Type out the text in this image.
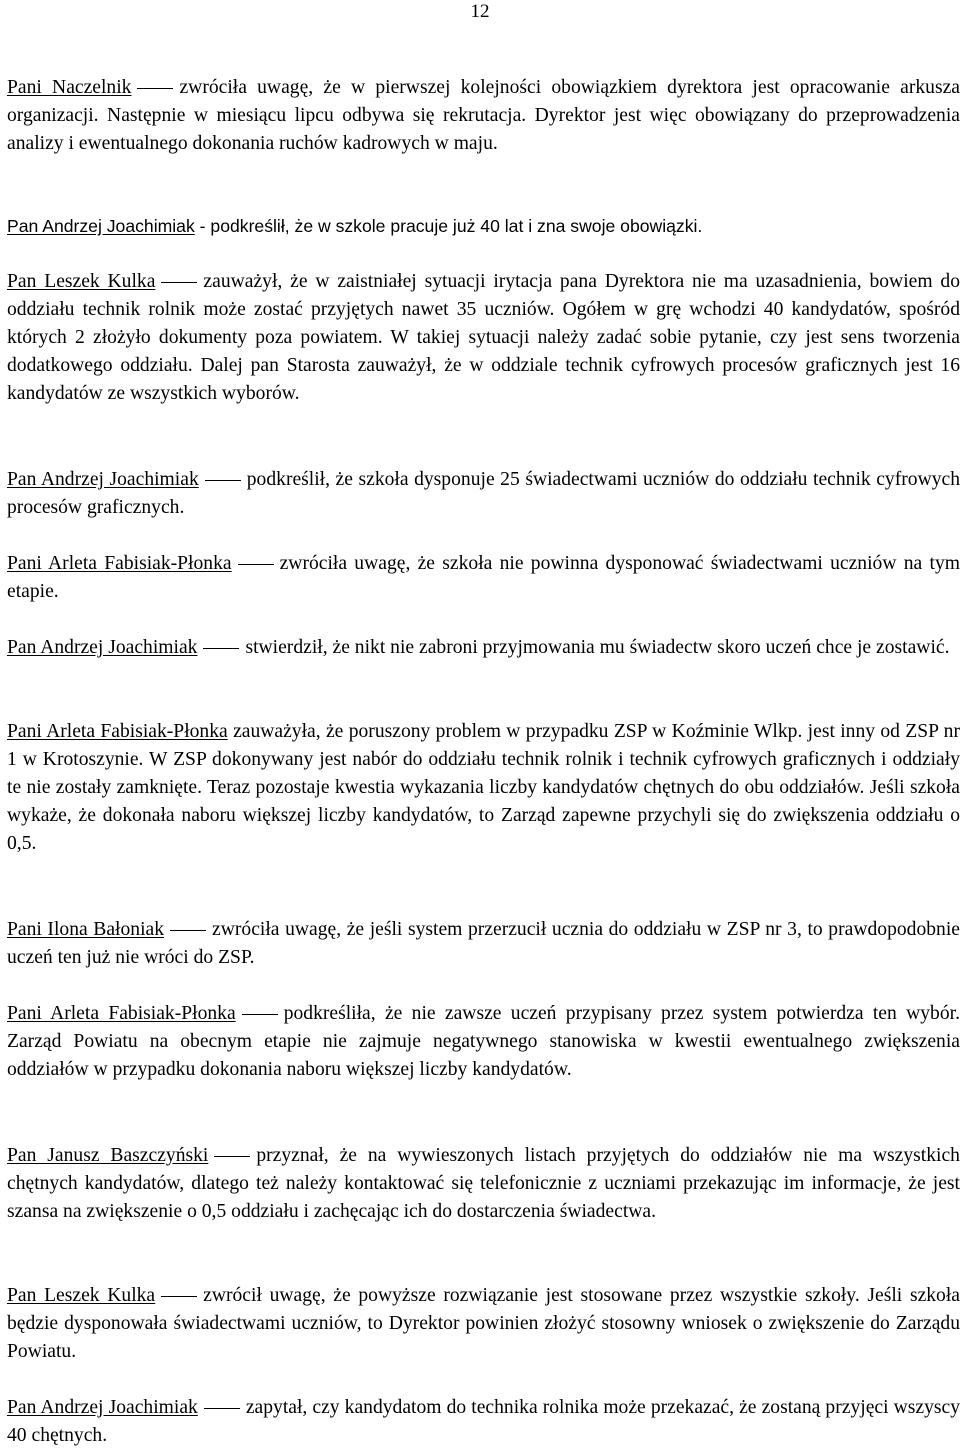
12

Pani Naczelnik zwróciła uwagę, że w pierwszej kolejności obowiązkiem dyrektora jest opracowanie arkusza organizacji. Następnie w miesiącu lipcu odbywa się rekrutacja. Dyrektor jest więc obowiązany do przeprowadzenia analizy i ewentualnego dokonania ruchów kadrowych w maju.

Pan Andrzej Joachimiak - podkreślił, że w szkole pracuje już 40 lat i zna swoje obowiązki.

Pan Leszek Kulka zauważył, że w zaistniałej sytuacji irytacja pana Dyrektora nie ma uzasadnienia, bowiem do oddziału technik rolnik może zostać przyjętych nawet 35 uczniów. Ogółem w grę wchodzi 40 kandydatów, spośród których 2 złożyło dokumenty poza powiatem. W takiej sytuacji należy zadać sobie pytanie, czy jest sens tworzenia dodatkowego oddziału. Dalej pan Starosta zauważył, że w oddziale technik cyfrowych procesów graficznych jest 16 kandydatów ze wszystkich wyborów.

Pan Andrzej Joachimiak podkreślił, że szkoła dysponuje 25 świadectwami uczniów do oddziału technik cyfrowych procesów graficznych.

Pani Arleta Fabisiak-Płonka zwróciła uwagę, że szkoła nie powinna dysponować świadectwami uczniów na tym etapie.

Pan Andrzej Joachimiak stwierdził, że nikt nie zabroni przyjmowania mu świadectw skoro uczeń chce je zostawić.

Pani Arleta Fabisiak-Płonka zauważyła, że poruszony problem w przypadku ZSP w Koźminie Wlkp. jest inny od ZSP nr 1 w Krotoszynie. W ZSP dokonywany jest nabór do oddziału technik rolnik i technik cyfrowych graficznych i oddziały te nie zostały zamknięte. Teraz pozostaje kwestia wykazania liczby kandydatów chętnych do obu oddziałów. Jeśli szkoła wykaże, że dokonała naboru większej liczby kandydatów, to Zarząd zapewne przychyli się do zwiększenia oddziału o 0,5.

Pani Ilona Bałoniak zwróciła uwagę, że jeśli system przerzucił ucznia do oddziału w ZSP nr 3, to prawdopodobnie uczeń ten już nie wróci do ZSP.

Pani Arleta Fabisiak-Płonka podkreśliła, że nie zawsze uczeń przypisany przez system potwierdza ten wybór. Zarząd Powiatu na obecnym etapie nie zajmuje negatywnego stanowiska w kwestii ewentualnego zwiększenia oddziałów w przypadku dokonania naboru większej liczby kandydatów.

Pan Janusz Baszczyński przyznał, że na wywieszonych listach przyjętych do oddziałów nie ma wszystkich chętnych kandydatów, dlatego też należy kontaktować się telefonicznie z uczniami przekazując im informacje, że jest szansa na zwiększenie o 0,5 oddziału i zachęcając ich do dostarczenia świadectwa.

Pan Leszek Kulka zwrócił uwagę, że powyższe rozwiązanie jest stosowane przez wszystkie szkoły. Jeśli szkoła będzie dysponowała świadectwami uczniów, to Dyrektor powinien złożyć stosowny wniosek o zwiększenie do Zarządu Powiatu.

Pan Andrzej Joachimiak zapytał, czy kandydatom do technika rolnika może przekazać, że zostaną przyjęci wszyscy 40 chętnych.
